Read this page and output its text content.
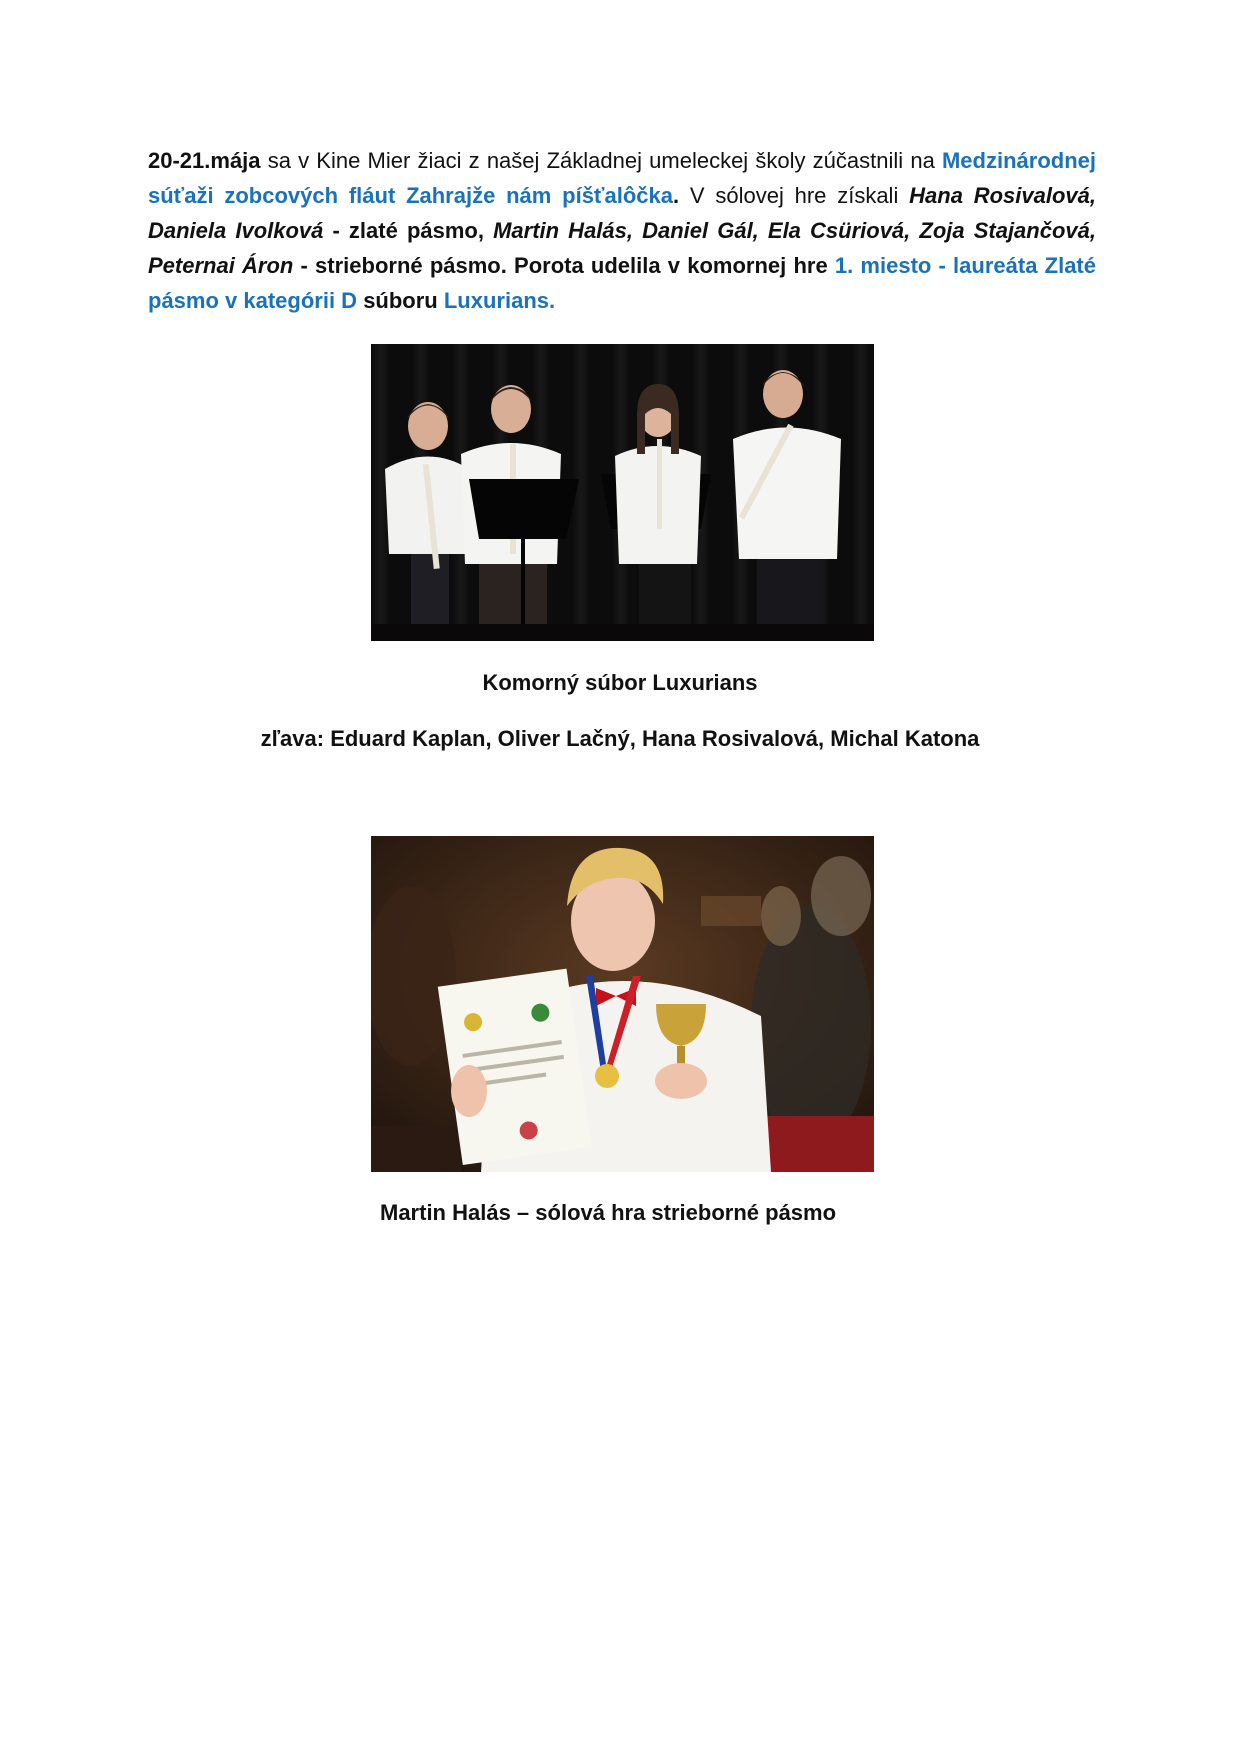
20-21.mája sa v Kine Mier žiaci z našej Základnej umeleckej školy zúčastnili na Medzinárodnej súťaži zobcových fláut Zahrajže nám píšťalôčka. V sólovej hre získali Hana Rosivalová, Daniela Ivolková - zlaté pásmo, Martin Halás, Daniel Gál, Ela Csüriová, Zoja Stajančová, Peternai Áron - strieborné pásmo. Porota udelila v komornej hre 1. miesto - laureáta Zlaté pásmo v kategórii D súboru Luxurians.
Komorný súbor Luxurians
zľava: Eduard Kaplan, Oliver Lačný, Hana Rosivalová, Michal Katona
Martin Halás – sólová hra strieborné pásmo
